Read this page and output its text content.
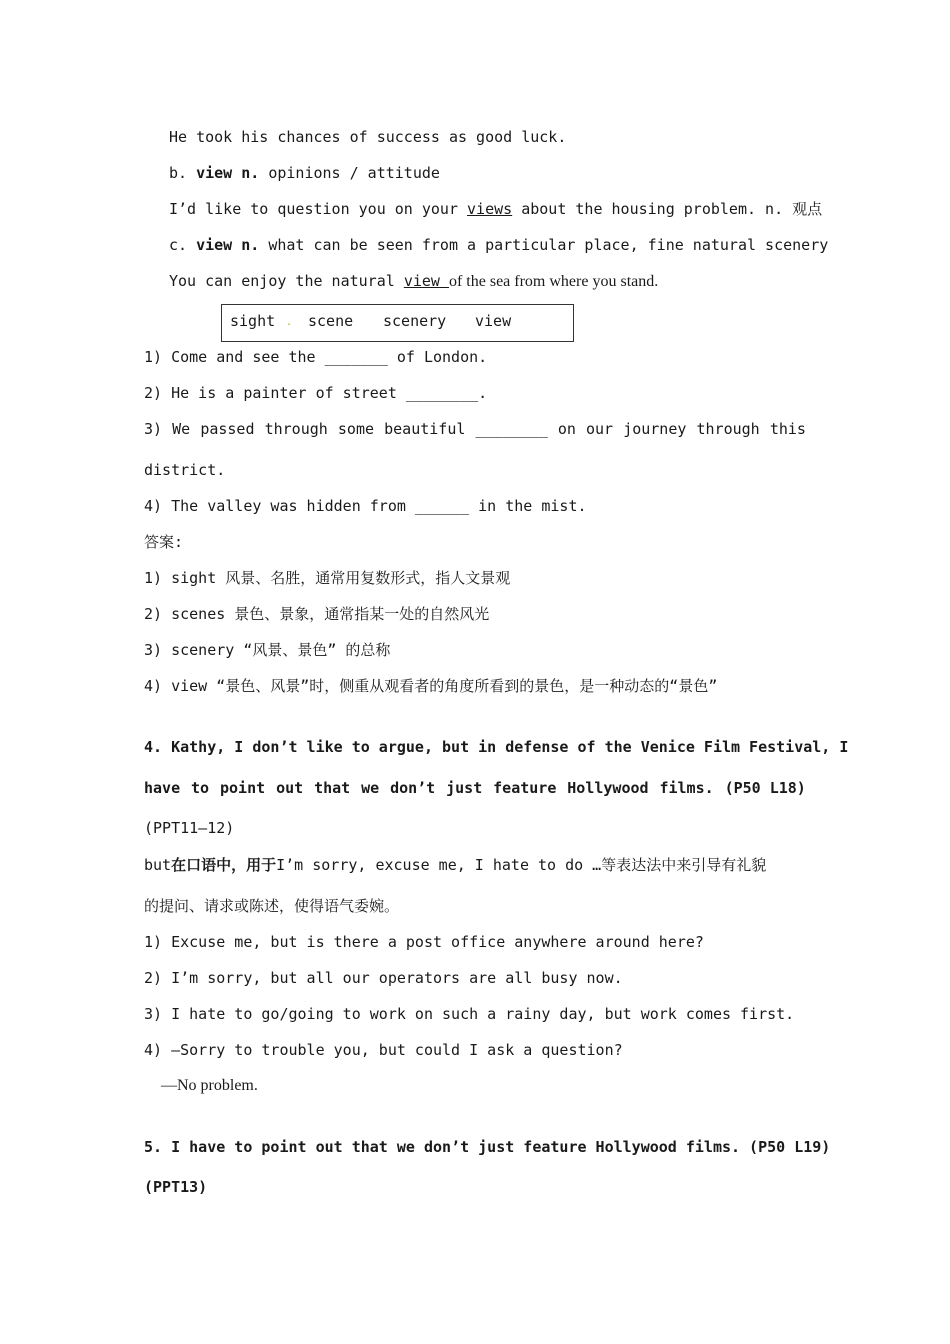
He took his chances of success as good luck.
b. view n. opinions / attitude
I’d like to question you on your views about the housing problem. n. 观点
c. view n. what can be seen from a particular place, fine natural scenery
You can enjoy the natural view of the sea from where you stand.
sight . scene scenery view
1) Come and see the _______ of London.
2) He is a painter of street ________.
3) We passed through some beautiful ________ on our journey through this
district.
4) The valley was hidden from ______ in the mist.
答案:
1) sight 风景、名胜，通常用复数形式，指人文景观
2) scenes 景色、景象，通常指某一处的自然风光
3) scenery “风景、景色” 的总称
4) view “景色、风景”时，侧重从观看者的角度所看到的景色，是一种动态的“景色”
4. Kathy, I don’t like to argue, but in defense of the Venice Film Festival, I
have to point out that we don’t just feature Hollywood films. (P50 L18)
(PPT11—12)
but在口语中，用于I’m sorry, excuse me, I hate to do …等表达法中来引导有礼貌
的提问、请求或陈述，使得语气委婉。
1) Excuse me, but is there a post office anywhere around here?
2) I’m sorry, but all our operators are all busy now.
3) I hate to go/going to work on such a rainy day, but work comes first.
4) —Sorry to trouble you, but could I ask a question?
—No problem.
5. I have to point out that we don’t just feature Hollywood films. (P50 L19)
(PPT13)
